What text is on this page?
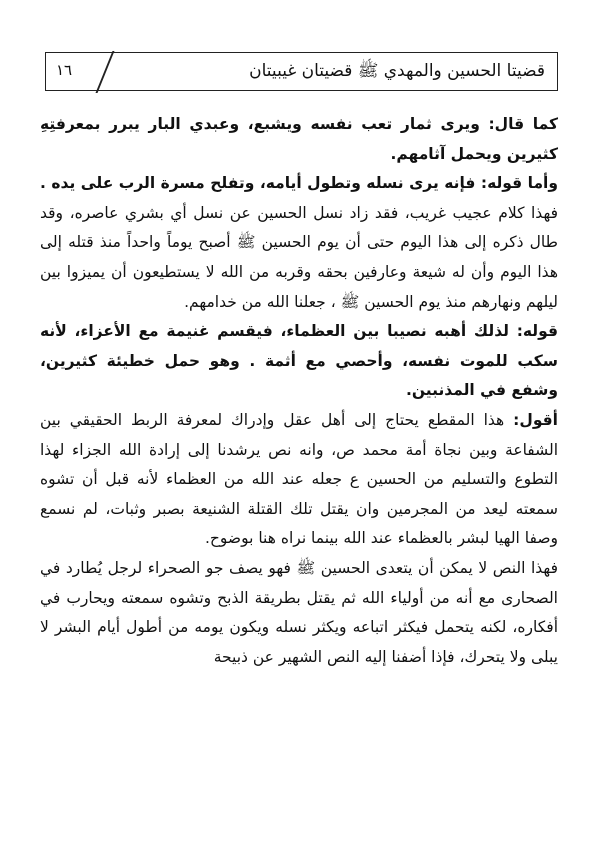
قضيتا الحسين والمهدي ﷺ قضيتان غيبيتان
١٦

كما قال: ويرى ثمار تعب نفسه ويشبع، وعبدي البار يبرر بمعرفتِهِ كثيرين ويحمل آثامهم.

وأما قوله: فإنه يرى نسله وتطول أيامه، وتفلح مسرة الرب على يده . فهذا كلام عجيب غريب، فقد زاد نسل الحسين عن نسل أي بشري عاصره، وقد طال ذكره إلى هذا اليوم حتى أن يوم الحسين ﷺ أصبح يوماً واحداً منذ قتله إلى هذا اليوم وأن له شيعة وعارفين بحقه وقربه من الله لا يستطيعون أن يميزوا بين ليلهم ونهارهم منذ يوم الحسين ﷺ ، جعلنا الله من خدامهم.

قوله: لذلك أهبه نصيبا بين العظماء، فيقسم غنيمة مع الأعزاء، لأنه سكب للموت نفسه، وأحصي مع أثمة . وهو حمل خطيئة كثيرين، وشفع في المذنبين.

أقول: هذا المقطع يحتاج إلى أهل عقل وإدراك لمعرفة الربط الحقيقي بين الشفاعة وبين نجاة أمة محمد ص، وانه نص يرشدنا إلى إرادة الله الجزاء لهذا التطوع والتسليم من الحسين ع جعله عند الله من العظماء لأنه قبل أن تشوه سمعته ليعد من المجرمين وان يقتل تلك القتلة الشنيعة بصبر وثبات، لم نسمع وصفا الهيا لبشر بالعظماء عند الله بينما نراه هنا بوضوح.

فهذا النص لا يمكن أن يتعدى الحسين ﷺ فهو يصف جو الصحراء لرجل يُطارد في الصحارى مع أنه من أولياء الله ثم يقتل بطريقة الذبح وتشوه سمعته ويحارب في أفكاره، لكنه يتحمل فيكثر اتباعه ويكثر نسله ويكون يومه من أطول أيام البشر لا يبلى ولا يتحرك، فإذا أضفنا إليه النص الشهير عن ذبيحة
